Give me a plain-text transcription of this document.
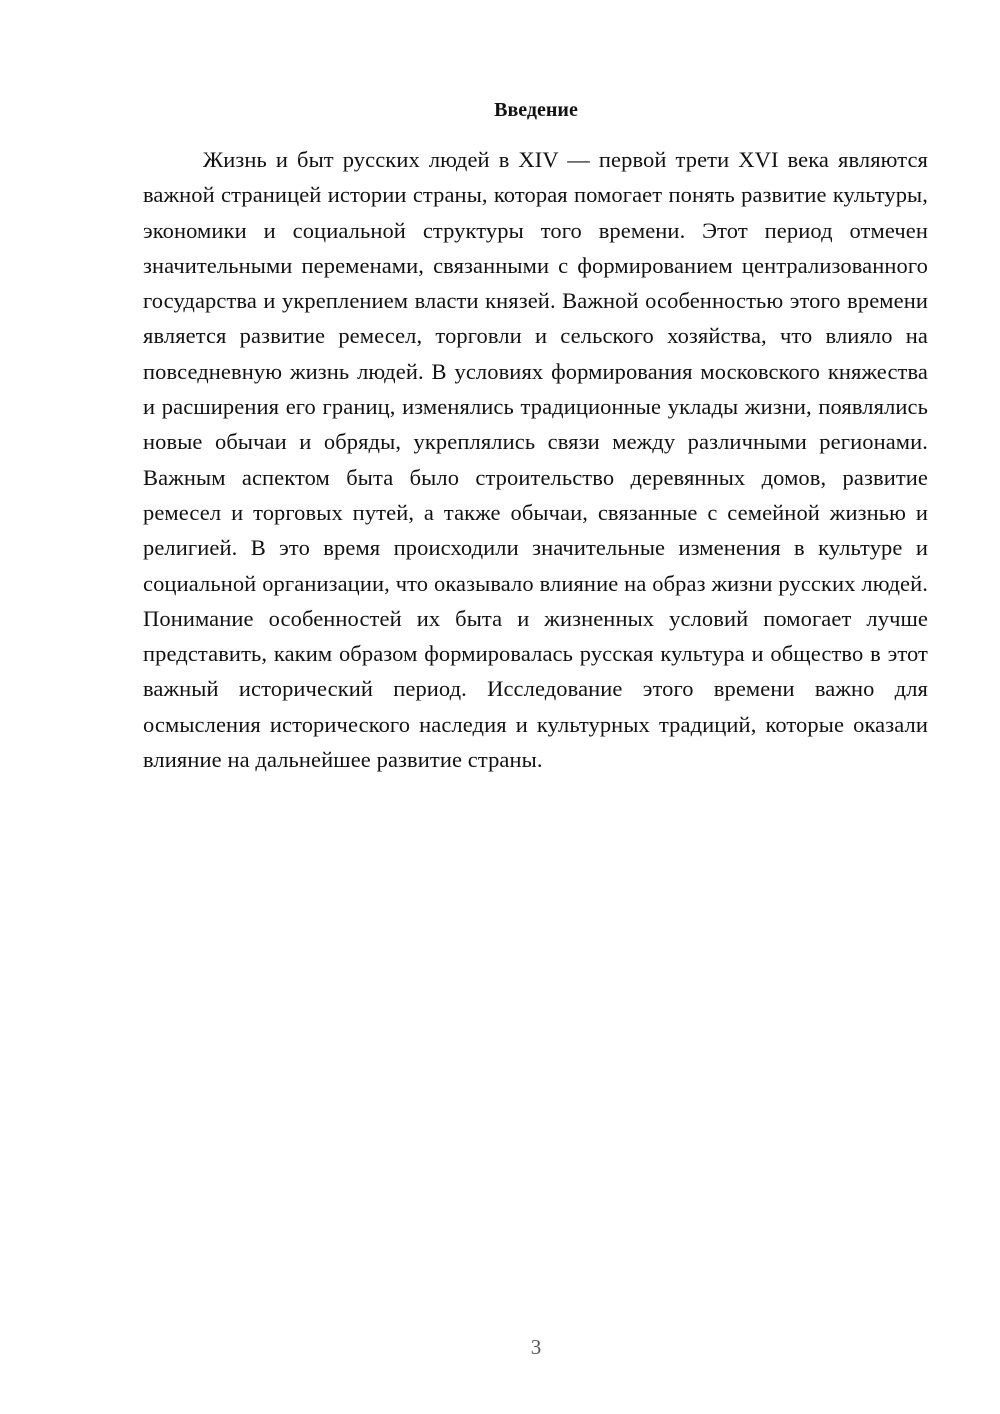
Введение

Жизнь и быт русских людей в XIV — первой трети XVI века являются важной страницей истории страны, которая помогает понять развитие культуры, экономики и социальной структуры того времени. Этот период отмечен значительными переменами, связанными с формированием централизованного государства и укреплением власти князей. Важной особенностью этого времени является развитие ремесел, торговли и сельского хозяйства, что влияло на повседневную жизнь людей. В условиях формирования московского княжества и расширения его границ, изменялись традиционные уклады жизни, появлялись новые обычаи и обряды, укреплялись связи между различными регионами. Важным аспектом быта было строительство деревянных домов, развитие ремесел и торговых путей, а также обычаи, связанные с семейной жизнью и религией. В это время происходили значительные изменения в культуре и социальной организации, что оказывало влияние на образ жизни русских людей. Понимание особенностей их быта и жизненных условий помогает лучше представить, каким образом формировалась русская культура и общество в этот важный исторический период. Исследование этого времени важно для осмысления исторического наследия и культурных традиций, которые оказали влияние на дальнейшее развитие страны.

3
